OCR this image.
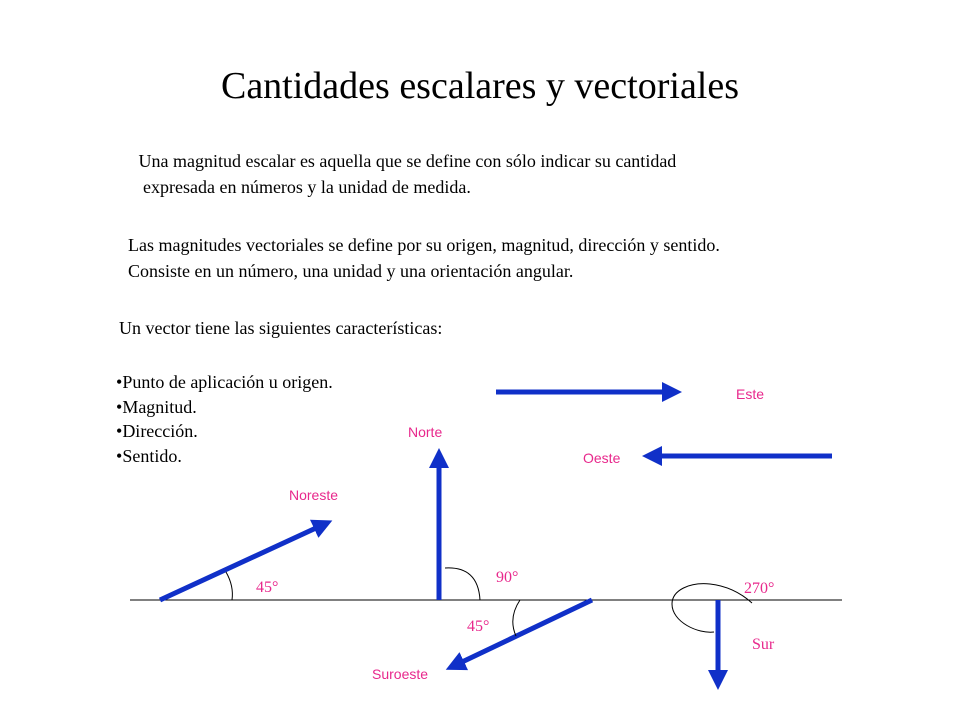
Cantidades escalares y vectoriales
Una magnitud escalar es aquella que se define con sólo indicar su cantidad
expresada en números y la unidad de medida.
Las magnitudes vectoriales se define por su origen, magnitud, dirección y sentido.
Consiste en un número, una unidad y una orientación angular.
Un vector tiene las siguientes características:
• Punto de aplicación u origen.
• Magnitud.
• Dirección.
• Sentido.
Este
Oeste
Norte
Noreste
Suroeste
Sur
45°
90°
45°
270°
